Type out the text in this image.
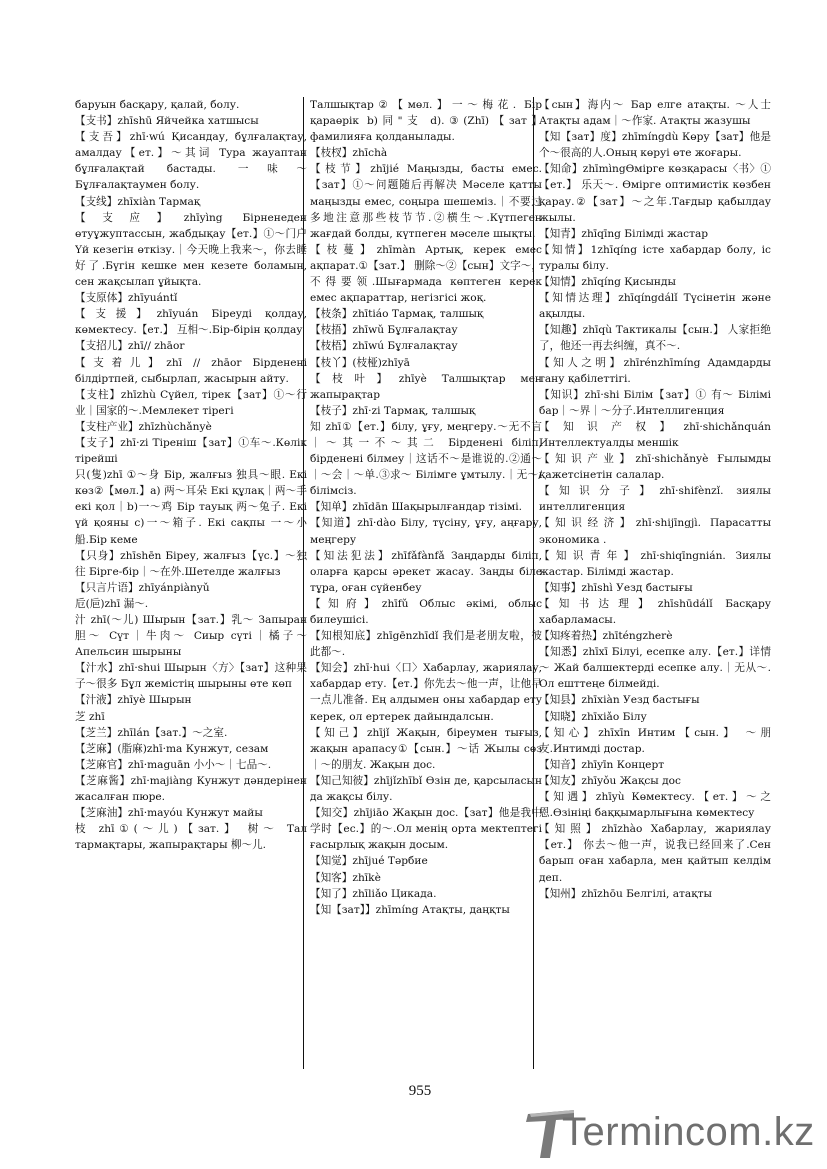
баруын басқару, қалай, болу.

【支书】zhīshū Яйчейка хатшысы

【支吾】zhī·wú Қисандау, бұлғалақтау, амалдау【ет.】～其词 Тура жауаптан бұлғалақтай бастады. 一味～ Бұлғалақтаумен болу.

【支线】zhīxiàn Тармақ

【支应】zhīyìng Бірненеден өтуұжуптассын, жабдықау【ет.】①～门户 Үй кезегін өткізу.｜今天晚上我来～，你去睡好了.Бүгін кешке мен кезете боламын, сен жақсылап ұйықта.

【支原体】zhīyuántǐ

【支援】zhīyuán Біреуді қолдау, көмектесу.【ет.】 互相～.Бір-бірін қолдау

【支招儿】zhī// zhāor

【支着儿】zhī // zhāor Бірдененi білдіртпей, сыбырлап, жасырын айту.

【支柱】zhīzhù Сүйел, тірек【зат】①～行业｜国家的～.Мемлекет тірегі

【支柱产业】zhīzhùchǎnyè

【支子】zhī·zi Тіреніш【зат】①车～.Көлік тірейші

只(隻)zhī ①～身 Бір, жалғыз 独具～眼. Екі көз②【мөл.】a) 两～耳朵 Екі құлақ｜两～手 екі қол｜b)一～鸡 Бір тауық 两～兔子. Екі үй қояны c)一～箱子. Екі сақпы 一～小船.Бір кеме

【只身】zhīshēn Біреу, жалғыз【үс.】～独往 Бірге-бір｜～在外.Шетелде жалғыз

【只言片语】zhīyánpiànyǔ

卮(巵)zhī 漏～.

汁 zhī(～儿) Шырын【зат.】乳～ Запыран 胆～ Сүт｜牛肉～ Сиыр сүті｜橘子～ Апельсин шырыны

【汁水】zhī·shui Шырын〈方〉【зат】这种果子～很多 Бұл жемістің шырыны өте көп

【汁液】zhīyè Шырын

芝 zhī

【芝兰】zhīlán【зат.】～之室.

【芝麻】(脂麻)zhī·ma Кунжут, сезам

【芝麻官】zhī·maguān 小小～｜七品～.

【芝麻酱】zhī·majiàng Кунжут дәндерінен жасалған пюре.

【芝麻油】zhī·mayóu Кунжут майы

枝 zhī①(～儿)【зат.】 树～ Тал тармақтары, жапырақтары 柳～儿.

Талшықтар②【мөл.】一～梅花. Бір қараөрік b)同"支 d).③(Zhī)【зат】фамилияға қолданылады.

【枝杈】zhīchà

【枝节】zhījié Маңызды, басты емес.【зат】①～问题随后再解决 Мәселе қатты маңызды емес, соңыра шешеміз.｜不要过多地注意那些枝节节.②横生～.Күтпеген жағдай болды, күтпеген мәселе шықты.

【枝蔓】zhīmàn Артық, керек емес ақпарат.①【зат.】 删除～②【сын】文字～，不得要领.Шығармада көптеген керек емес ақпараттар, негізгісі жоқ.

【枝条】zhītiáo Тармақ, талшық

【枝捂】zhīwǔ Бұлғалақтау

【枝梧】zhīwú Бұлғалақтау

【枝丫】(枝桠)zhīyā

【枝叶】zhīyè Талшықтар мен жапырақтар

【枝子】zhī·zi Тармақ, талшық

知 zhī①【ет.】білу, ұғу, меңгеру.～无不言｜～其一不～其二 Бірдененi біліп, бірдененi білмеу｜这话不～是谁说的.②通～｜～会｜～单.③求～ Білімге ұмтылу.｜无～/ білімсіз.

【知单】zhīdān Шақырылғандар тізімі.

【知道】zhī·dào Білу, түсіну, ұғу, аңғару, меңгеру

【知法犯法】zhīfǎfànfǎ Заңдарды біліп, оларға қарсы әрекет жасау. Заңды біле тұра, оған сүйенбеу

【知府】zhīfǔ Облыс әкімі, облыс билеушісі.

【知根知底】zhīgēnzhīdǐ 我们是老朋友啦，彼此都～.

【知会】zhī·hui〈口〉Хабарлау, жариялау, хабардар ету.【ет.】你先去～他一声，让他早一点儿准备. Ең алдымен оны хабардар ету керек, ол ертерек дайындалсын.

【知己】zhījǐ Жақын, біреумен тығыз, жақын арапасу①【сын.】～话 Жылы сөз｜～的朋友. Жақын дос.

【知己知彼】zhījǐzhībǐ Өзін де, қарсыласын да жақсы білу.

【知交】zhījiāo Жақын дос.【зат】他是我中学时【ес.】的～.Ол менің орта мектептегі ғасырлық жақын досым.

【知觉】zhījué Тәрбие

【知客】zhīkè

【知了】zhīliǎo Цикада.

【知【зат】】zhīmíng Атақты, даңқты

【сын】海内～ Бар елге атақты. ～人士 Атақты адам｜～作家. Атақты жазушы

【知【зат】度】zhīmíngdù Көру【зат】他是个～很高的人.Оның көруі өте жоғары.

【知命】zhīmìngӨмірге көзқарасы〈书〉①【ет.】 乐天～. Өмірге оптимистік көзбен қарау.②【зат】～之年.Тағдыр қабылдау жылы.

【知青】zhīqīng Білімді жастар

【知情】1zhīqíng істе хабардар болу, іс туралы білу.

【知情】zhīqíng Қисынды

【知情达理】zhīqíngdálǐ Түсінетін және ақылды.

【知趣】zhīqù Тактикалы【сын.】 人家拒绝了，他还一再去纠缠，真不～.

【知人之明】zhīrénzhīmíng Адамдарды тану қабілеттігі.

【知识】zhī·shi Білім【зат】① 有～ Білімі бар｜～界｜～分子.Интеллигенция

【知识产权】zhī·shichǎnquán Интеллектуалды меншік

【知识产业】zhī·shichǎnyè Ғылымды қажетсінетін салалар.

【知识分子】zhī·shifènzǐ. зиялы интеллигенция

【知识经济】zhī·shijīngjì. Парасатты экономика .

【知识青年】zhī·shiqīngnián. Зиялы жастар. Білімді жастар.

【知事】zhīshì Уезд бастығы

【知书达理】zhīshūdálǐ Басқару хабарламасы.

【知疼着热】zhīténgzherè

【知悉】zhīxī Білуі, есепке алу.【ет.】详情～ Жай балшектерді есепке алу.｜无从～. Ол ешттеңе білмейді.

【知县】zhīxiàn Уезд бастығы

【知晓】zhīxiǎo Білу

【知心】zhīxīn Интим【сын.】 ～朋友.Интимді достар.

【知音】zhīyīn Концерт

【知友】zhīyǒu Жақсы дос

【知遇】zhīyù Көмектесу.【ет.】～之恩.Өзініңі баққымарлығына көмектесу

【知照】zhīzhào Хабарлау, жариялау【ет.】 你去～他一声，说我已经回来了.Сен барып оған хабарла, мен қайтып келдім деп.

【知州】zhīzhōu Белгілі, атақты

955
Termincom.kz
